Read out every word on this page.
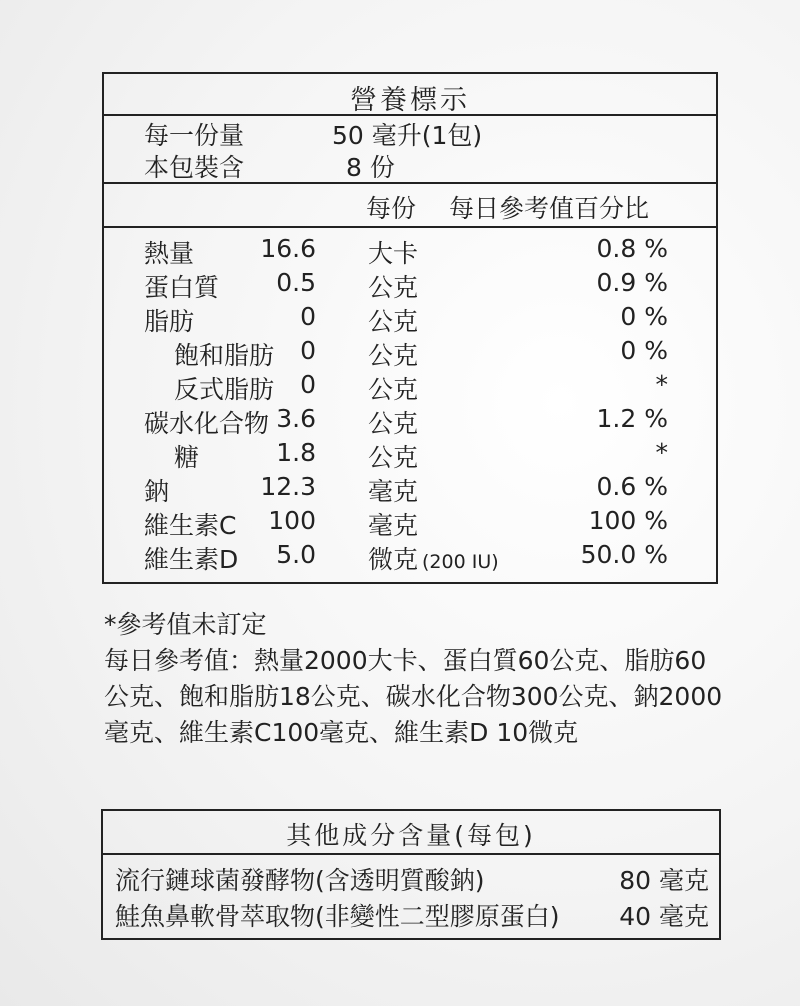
營養標示
每一份量	50 毫升(1包)
本包裝含	8 份
每份 每日參考值百分比
熱量	16.6 大卡	0.8 %
蛋白質 0.5 公克	0.9 %
脂肪	0 公克	0 %
飽和脂肪 0 公克	0 %
反式脂肪 0 公克	*
碳水化合物 3.6 公克	1.2 %
糖	1.8 公克	*
鈉	12.3 毫克	0.6 %
維生素C 100 毫克	100 %
維生素D 5.0 微克 (200 IU)	50.0 %

*參考值未訂定

每日參考值：熱量2000大卡、蛋白質60公克、脂肪60公克、飽和脂肪18公克、碳水化合物300公克、鈉2000毫克、維生素C100毫克、維生素D 10微克

其他成分含量(每包)
流行鏈球菌發酵物(含透明質酸鈉)	80 毫克
鮭魚鼻軟骨萃取物(非變性二型膠原蛋白) 40 毫克
